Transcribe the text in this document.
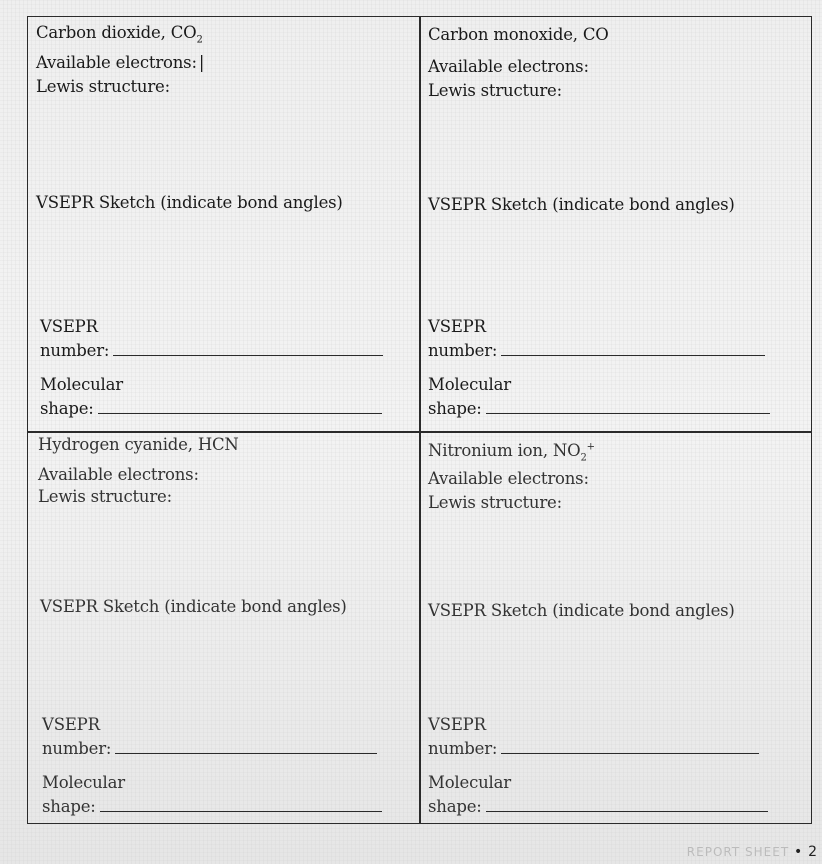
Carbon dioxide, $CO_2$
Available electrons: |
Lewis structure:
VSEPR Sketch (indicate bond angles)
VSEPR
number:
Molecular
shape:
Carbon monoxide, CO
Available electrons:
Lewis structure:
VSEPR Sketch (indicate bond angles)
VSEPR
number:
Molecular
shape:
Hydrogen cyanide, HCN
Available electrons:
Lewis structure:
VSEPR Sketch (indicate bond angles)
VSEPR
number:
Molecular
shape:
Nitronium ion, $NO_2^+$
Available electrons:
Lewis structure:
VSEPR Sketch (indicate bond angles)
VSEPR
number:
Molecular
shape:
REPORT SHEET • 2
